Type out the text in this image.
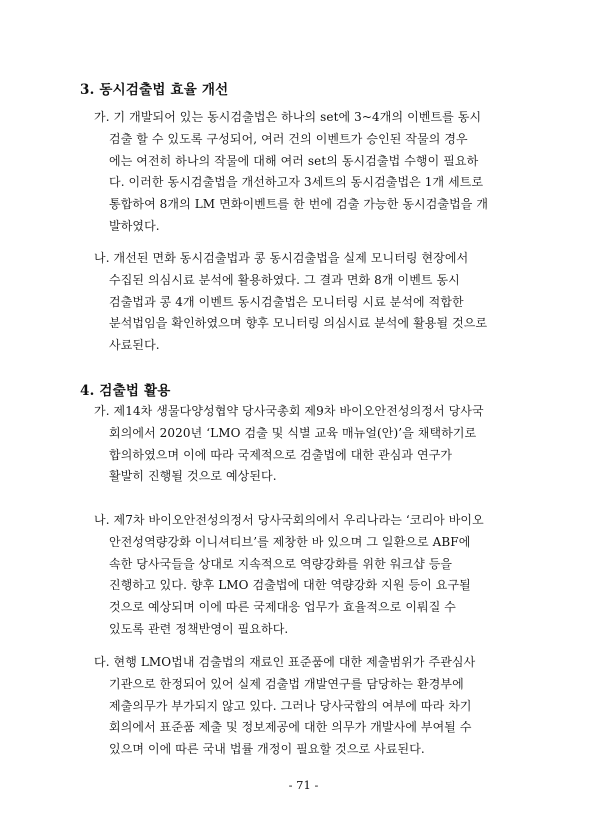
3. 동시검출법 효율 개선
가. 기 개발되어 있는 동시검출법은 하나의 set에 3~4개의 이벤트를 동시
검출 할 수 있도록 구성되어, 여러 건의 이벤트가 승인된 작물의 경우
에는 여전히 하나의 작물에 대해 여러 set의 동시검출법 수행이 필요하
다. 이러한 동시검출법을 개선하고자 3세트의 동시검출법은 1개 세트로
통합하여 8개의 LM 면화이벤트를 한 번에 검출 가능한 동시검출법을 개
발하였다.
나. 개선된 면화 동시검출법과 콩 동시검출법을 실제 모니터링 현장에서
수집된 의심시료 분석에 활용하였다. 그 결과 면화 8개 이벤트 동시
검출법과 콩 4개 이벤트 동시검출법은 모니터링 시료 분석에 적합한
분석법임을 확인하였으며 향후 모니터링 의심시료 분석에 활용될 것으로
사료된다.
4. 검출법 활용
가. 제14차 생물다양성협약 당사국총회 제9차 바이오안전성의정서 당사국
회의에서 2020년 ‘LMO 검출 및 식별 교육 매뉴얼(안)’을 채택하기로
합의하였으며 이에 따라 국제적으로 검출법에 대한 관심과 연구가
활발히 진행될 것으로 예상된다.
나. 제7차 바이오안전성의정서 당사국회의에서 우리나라는 ‘코리아 바이오
안전성역량강화 이니셔티브’를 제창한 바 있으며 그 일환으로 ABF에
속한 당사국들을 상대로 지속적으로 역량강화를 위한 워크샵 등을
진행하고 있다. 향후 LMO 검출법에 대한 역량강화 지원 등이 요구될
것으로 예상되며 이에 따른 국제대응 업무가 효율적으로 이뤄질 수
있도록 관련 정책반영이 필요하다.
다. 현행 LMO법내 검출법의 재료인 표준품에 대한 제출범위가 주관심사
기관으로 한정되어 있어 실제 검출법 개발연구를 담당하는 환경부에
제출의무가 부가되지 않고 있다. 그러나 당사국합의 여부에 따라 차기
회의에서 표준품 제출 및 정보제공에 대한 의무가 개발사에 부여될 수
있으며 이에 따른 국내 법률 개정이 필요할 것으로 사료된다.
- 71 -
